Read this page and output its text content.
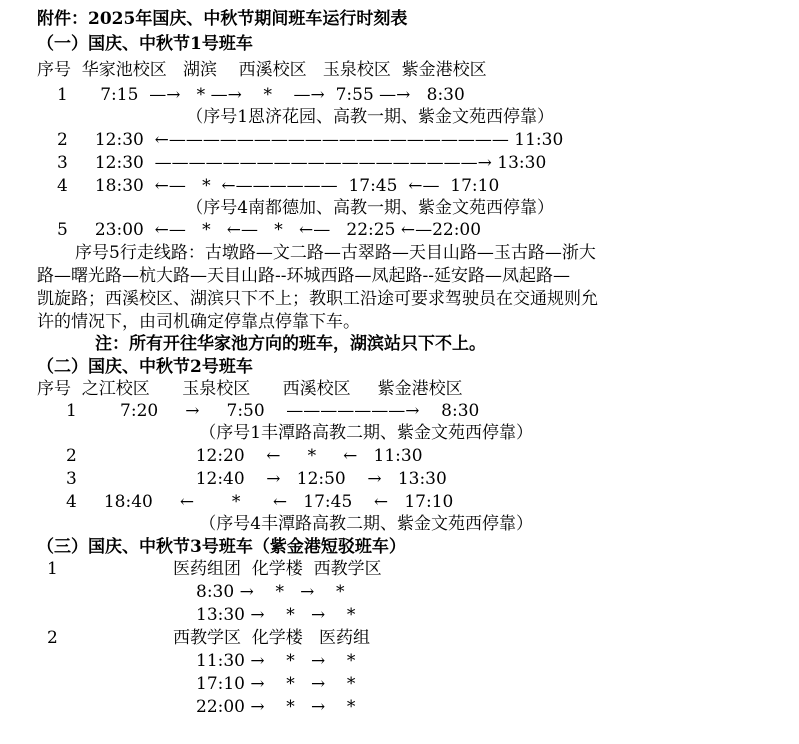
附件：2025年国庆、中秋节期间班车运行时刻表
（一）国庆、中秋节1号班车
序号  华家池校区   湖滨    西溪校区   玉泉校区  紫金港校区
1      7:15  —→   * —→    *    —→  7:55 —→   8:30
（序号1恩济花园、高教一期、紫金文苑西停靠）
2     12:30  ←———————————————————— 11:30
3     12:30  ———————————————————→ 13:30
4     18:30  ←—   *  ←——————  17:45  ←—  17:10
（序号4南都德加、高教一期、紫金文苑西停靠）
5     23:00  ←—   *   ←—   *   ←—   22:25 ←—22:00
序号5行走线路：古墩路—文二路—古翠路—天目山路—玉古路—浙大
路—曙光路—杭大路—天目山路--环城西路—凤起路--延安路—凤起路—
凯旋路；西溪校区、湖滨只下不上；教职工沿途可要求驾驶员在交通规则允
许的情况下，由司机确定停靠点停靠下车。
注：所有开往华家池方向的班车，湖滨站只下不上。
（二）国庆、中秋节2号班车
序号  之江校区      玉泉校区      西溪校区     紫金港校区
1        7:20     →     7:50    ———————→    8:30
（序号1丰潭路高教二期、紫金文苑西停靠）
2                      12:20    ←     *     ←   11:30
3                      12:40    →   12:50    →   13:30
4     18:40     ←       *      ←   17:45    ←   17:10
（序号4丰潭路高教二期、紫金文苑西停靠）
（三）国庆、中秋节3号班车（紫金港短驳班车）
1	医药组团  化学楼  西教学区
8:30 →    *   →    *
13:30 →    *   →    *
2	西教学区  化学楼   医药组
11:30 →    *   →    *
17:10 →    *   →    *
22:00 →    *   →    *
